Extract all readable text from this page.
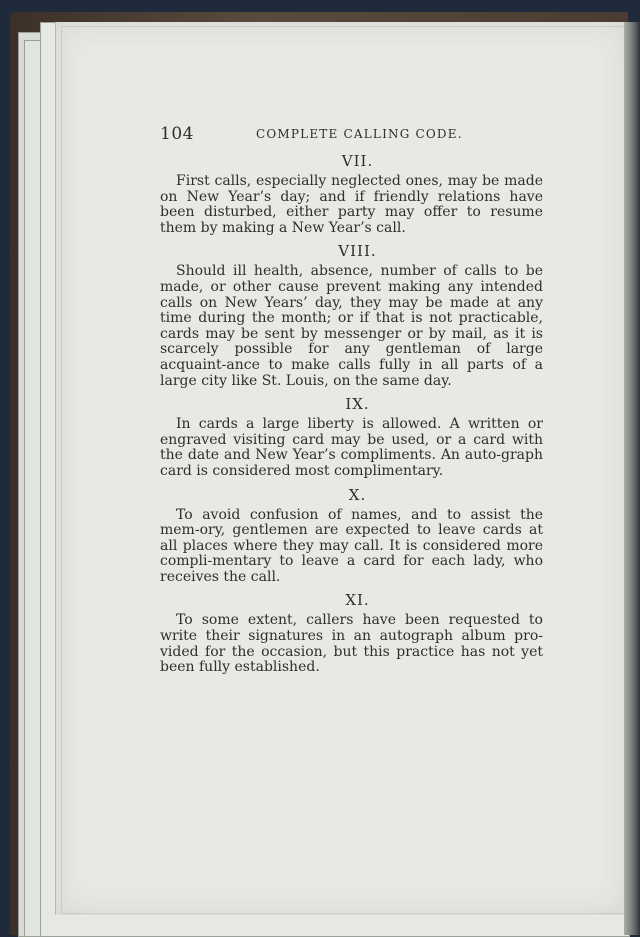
104	COMPLETE CALLING CODE.
VII.

First calls, especially neglected ones, may be made on New Year’s day; and if friendly relations have been disturbed, either party may offer to resume them by making a New Year’s call.

VIII.

Should ill health, absence, number of calls to be made, or other cause prevent making any intended calls on New Years’ day, they may be made at any time during the month; or if that is not practicable, cards may be sent by messenger or by mail, as it is scarcely possible for any gentleman of large acquaint-ance to make calls fully in all parts of a large city like St. Louis, on the same day.

IX.

In cards a large liberty is allowed. A written or engraved visiting card may be used, or a card with the date and New Year’s compliments. An auto-graph card is considered most complimentary.

X.

To avoid confusion of names, and to assist the mem-ory, gentlemen are expected to leave cards at all places where they may call. It is considered more compli-mentary to leave a card for each lady, who receives the call.

XI.

To some extent, callers have been requested to write their signatures in an autograph album pro-vided for the occasion, but this practice has not yet been fully established.
